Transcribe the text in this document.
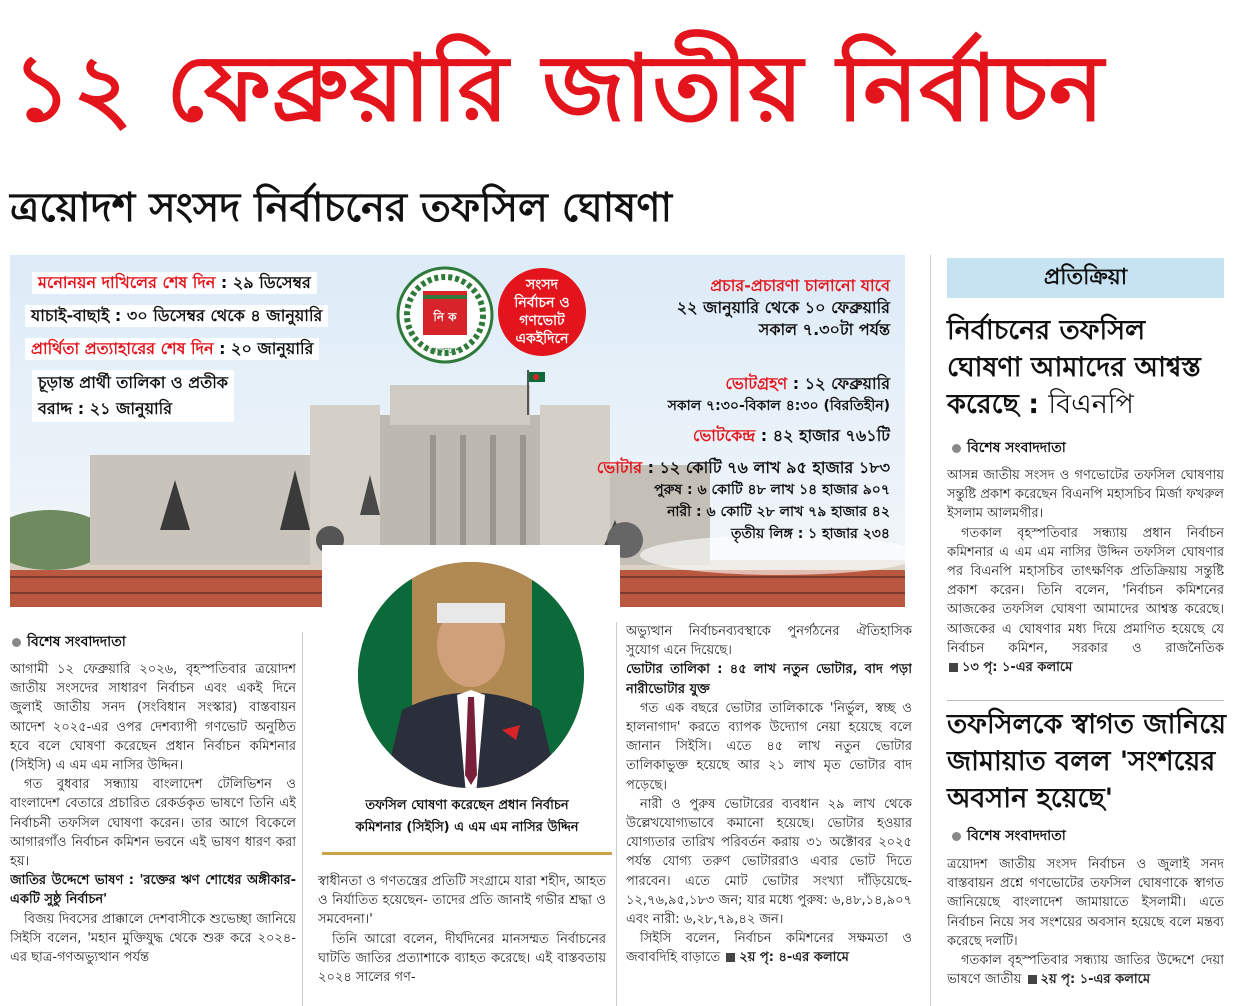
১২ ফেব্রুয়ারি জাতীয় নির্বাচন
ত্রয়োদশ সংসদ নির্বাচনের তফসিল ঘোষণা
মনোনয়ন দাখিলের শেষ দিন : ২৯ ডিসেম্বর
যাচাই-বাছাই : ৩০ ডিসেম্বর থেকে ৪ জানুয়ারি
প্রার্থিতা প্রত্যাহারের শেষ দিন : ২০ জানুয়ারি
চূড়ান্ত প্রার্থী তালিকা ও প্রতীক
বরাদ্দ : ২১ জানুয়ারি
নি ক
বাংলাদেশ
প্রচার-প্রচারণা চালানো যাবে
২২ জানুয়ারি থেকে ১০ ফেব্রুয়ারি
সকাল ৭.৩০টা পর্যন্ত
ভোটগ্রহণ : ১২ ফেব্রুয়ারি
সকাল ৭:৩০-বিকাল ৪:৩০ (বিরতিহীন)
ভোটকেন্দ্র : ৪২ হাজার ৭৬১টি
ভোটার : ১২ কোটি ৭৬ লাখ ৯৫ হাজার ১৮৩
পুরুষ : ৬ কোটি ৪৮ লাখ ১৪ হাজার ৯০৭
নারী : ৬ কোটি ২৮ লাখ ৭৯ হাজার ৪২
তৃতীয় লিঙ্গ : ১ হাজার ২৩৪
সংসদ
নির্বাচন ও
গণভোট
একইদিনে
তফসিল ঘোষণা করেছেন প্রধান নির্বাচন
কমিশনার (সিইসি) এ এম এম নাসির উদ্দিন
বিশেষ সংবাদদাতা

আগামী ১২ ফেব্রুয়ারি ২০২৬, বৃহস্পতিবার ত্রয়োদশ জাতীয় সংসদের সাধারণ নির্বাচন এবং একই দিনে জুলাই জাতীয় সনদ (সংবিধান সংস্কার) বাস্তবায়ন আদেশ ২০২৫-এর ওপর দেশব্যাপী গণভোট অনুষ্ঠিত হবে বলে ঘোষণা করেছেন প্রধান নির্বাচন কমিশনার (সিইসি) এ এম এম নাসির উদ্দিন।

গত বুধবার সন্ধ্যায় বাংলাদেশ টেলিভিশন ও বাংলাদেশ বেতারে প্রচারিত রেকর্ডকৃত ভাষণে তিনি এই নির্বাচনী তফসিল ঘোষণা করেন। তার আগে বিকেলে আগারগাঁও নির্বাচন কমিশন ভবনে এই ভাষণ ধারণ করা হয়।

জাতির উদ্দেশে ভাষণ : 'রক্তের ঋণ শোধের অঙ্গীকার-একটি সুষ্ঠু নির্বাচন'

বিজয় দিবসের প্রাক্কালে দেশবাসীকে শুভেচ্ছা জানিয়ে সিইসি বলেন, 'মহান মুক্তিযুদ্ধ থেকে শুরু করে ২০২৪-এর ছাত্র-গণঅভ্যুত্থান পর্যন্ত

স্বাধীনতা ও গণতন্ত্রের প্রতিটি সংগ্রামে যারা শহীদ, আহত ও নির্যাতিত হয়েছেন- তাদের প্রতি জানাই গভীর শ্রদ্ধা ও সমবেদনা।'

তিনি আরো বলেন, দীর্ঘদিনের মানসম্মত নির্বাচনের ঘাটতি জাতির প্রত্যাশাকে ব্যাহত করেছে। এই বাস্তবতায় ২০২৪ সালের গণ-

অভ্যুত্থান নির্বাচনব্যবস্থাকে পুনর্গঠনের ঐতিহাসিক সুযোগ এনে দিয়েছে।

ভোটার তালিকা : ৪৫ লাখ নতুন ভোটার, বাদ পড়া নারীভোটার যুক্ত

গত এক বছরে ভোটার তালিকাকে 'নির্ভুল, স্বচ্ছ ও হালনাগাদ' করতে ব্যাপক উদ্যোগ নেয়া হয়েছে বলে জানান সিইসি। এতে ৪৫ লাখ নতুন ভোটার তালিকাভুক্ত হয়েছে আর ২১ লাখ মৃত ভোটার বাদ পড়েছে।

নারী ও পুরুষ ভোটারের ব্যবধান ২৯ লাখ থেকে উল্লেখযোগ্যভাবে কমানো হয়েছে। ভোটার হওয়ার যোগ্যতার তারিখ পরিবর্তন করায় ৩১ অক্টোবর ২০২৫ পর্যন্ত যোগ্য তরুণ ভোটাররাও এবার ভোট দিতে পারবেন। এতে মোট ভোটার সংখ্যা দাঁড়িয়েছে- ১২,৭৬,৯৫,১৮৩ জন; যার মধ্যে পুরুষ: ৬,৪৮,১৪,৯০৭ এবং নারী: ৬,২৮,৭৯,৪২ জন।

সিইসি বলেন, নির্বাচন কমিশনের সক্ষমতা ও জবাবদিহি বাড়াতে ২য় পৃ: ৪-এর কলামে

প্রতিক্রিয়া
নির্বাচনের তফসিল
ঘোষণা আমাদের আশ্বস্ত
করেছে : বিএনপি
বিশেষ সংবাদদাতা

আসন্ন জাতীয় সংসদ ও গণভোটের তফসিল ঘোষণায় সন্তুষ্টি প্রকাশ করেছেন বিএনপি মহাসচিব মির্জা ফখরুল ইসলাম আলমগীর।

গতকাল বৃহস্পতিবার সন্ধ্যায় প্রধান নির্বাচন কমিশনার এ এম এম নাসির উদ্দিন তফসিল ঘোষণার পর বিএনপি মহাসচিব তাৎক্ষণিক প্রতিক্রিয়ায় সন্তুষ্টি প্রকাশ করেন। তিনি বলেন, 'নির্বাচন কমিশনের আজকের তফসিল ঘোষণা আমাদের আশ্বস্ত করেছে। আজকের এ ঘোষণার মধ্য দিয়ে প্রমাণিত হয়েছে যে নির্বাচন কমিশন, সরকার ও রাজনৈতিক ১৩ পৃ: ১-এর কলামে

তফসিলকে স্বাগত জানিয়ে
জামায়াত বলল 'সংশয়ের
অবসান হয়েছে'
বিশেষ সংবাদদাতা

ত্রয়োদশ জাতীয় সংসদ নির্বাচন ও জুলাই সনদ বাস্তবায়ন প্রশ্নে গণভোটের তফসিল ঘোষণাকে স্বাগত জানিয়েছে বাংলাদেশ জামায়াতে ইসলামী। এতে নির্বাচন নিয়ে সব সংশয়ের অবসান হয়েছে বলে মন্তব্য করেছে দলটি।

গতকাল বৃহস্পতিবার সন্ধ্যায় জাতির উদ্দেশে দেয়া ভাষণে জাতীয় ২য় পৃ: ১-এর কলামে
